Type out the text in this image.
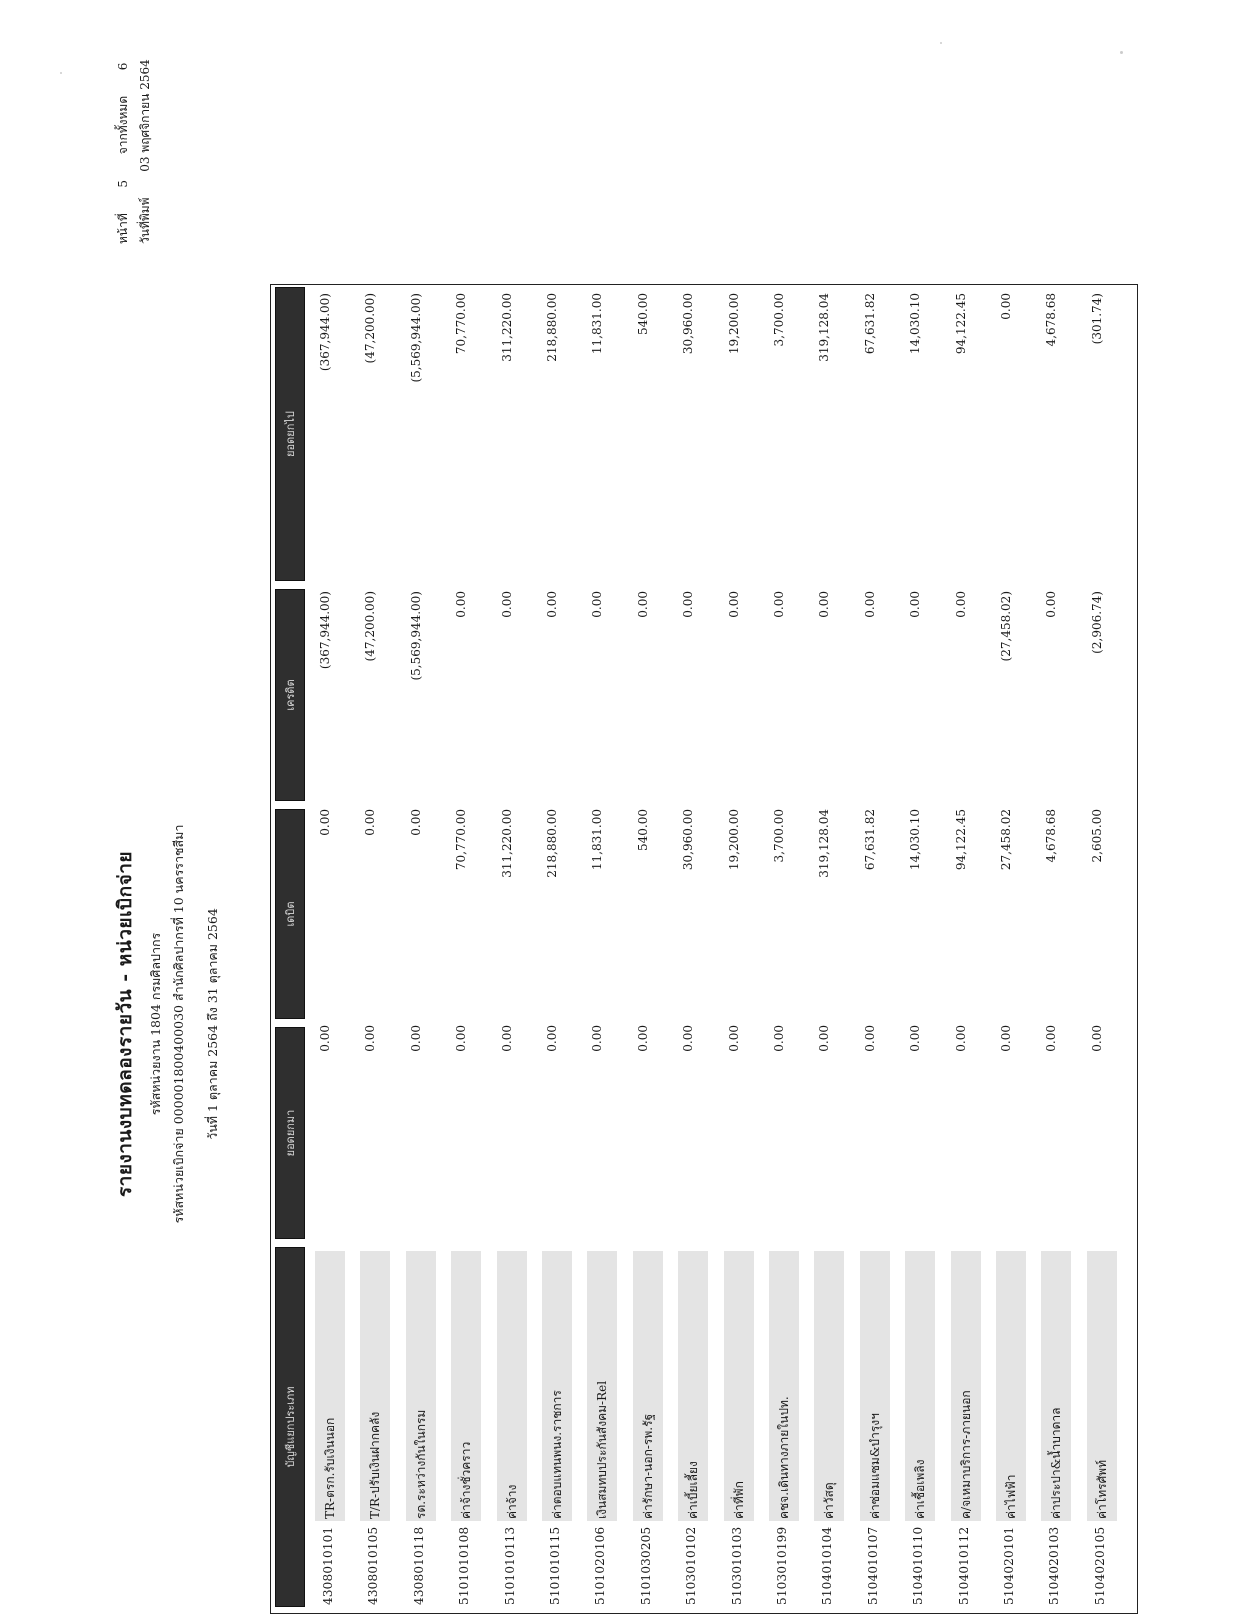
รายงานงบทดลองรายวัน - หน่วยเบิกจ่าย รหัสหน่วยงาน 1804 กรมศิลปากร รหัสหน่วยเบิกจ่าย 000001800400030 สำนักศิลปากรที่ 10 นครราชสีมา วันที่ 1 ตุลาคม 2564 ถึง 31 ตุลาคม 2564
หน้าที่  5  จากทั้งหมด  6
วันที่พิมพ์  03 พฤศจิกายน 2564
บัญชีแยกประเภท
ยอดยกมา
เดบิต
เครดิต
ยอดยกไป
4308010101
TR-ตรก.รับเงินนอก
0.00
0.00
(367,944.00)
(367,944.00)
4308010105
T/R-ปรับเงินฝากคลัง
0.00
0.00
(47,200.00)
(47,200.00)
4308010118
รด.ระหว่างกันในกรม
0.00
0.00
(5,569,944.00)
(5,569,944.00)
5101010108
ค่าจ้างชั่วคราว
0.00
70,770.00
0.00
70,770.00
5101010113
ค่าจ้าง
0.00
311,220.00
0.00
311,220.00
5101010115
ค่าตอบแทนพนง.ราชการ
0.00
218,880.00
0.00
218,880.00
5101020106
เงินสมทบประกันสังคม-Rel
0.00
11,831.00
0.00
11,831.00
5101030205
ค่ารักษา-นอก-รพ.รัฐ
0.00
540.00
0.00
540.00
5103010102
ค่าเบี้ยเลี้ยง
0.00
30,960.00
0.00
30,960.00
5103010103
ค่าที่พัก
0.00
19,200.00
0.00
19,200.00
5103010199
คชจ.เดินทางภายในปท.
0.00
3,700.00
0.00
3,700.00
5104010104
ค่าวัสดุ
0.00
319,128.04
0.00
319,128.04
5104010107
ค่าซ่อมแซม&บำรุงฯ
0.00
67,631.82
0.00
67,631.82
5104010110
ค่าเชื้อเพลิง
0.00
14,030.10
0.00
14,030.10
5104010112
ค/จเหมาบริการ-ภายนอก
0.00
94,122.45
0.00
94,122.45
5104020101
ค่าไฟฟ้า
0.00
27,458.02
(27,458.02)
0.00
5104020103
ค่าประปา&น้ำบาดาล
0.00
4,678.68
0.00
4,678.68
5104020105
ค่าโทรศัพท์
0.00
2,605.00
(2,906.74)
(301.74)
